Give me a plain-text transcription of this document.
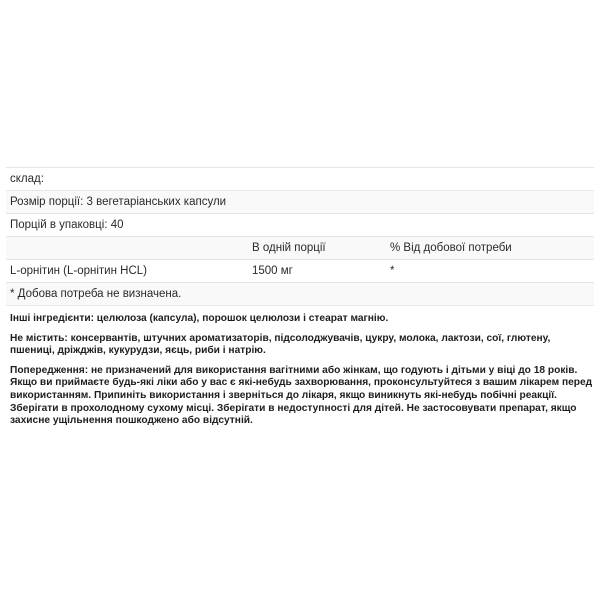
склад:		
Розмір порції: 3 вегетаріанських капсули		
Порцій в упаковці: 40		
	В одній порції	% Від добової потреби
L-орнітин (L-орнітин HCL)	1500 мг	*
* Добова потреба не визначена.		

Інші інгредієнти: целюлоза (капсула), порошок целюлози і стеарат магнію.

Не містить: консервантів, штучних ароматизаторів, підсолоджувачів, цукру, молока, лактози, сої, глютену, пшениці, дріжджів, кукурудзи, яєць, риби і натрію.

Попередження: не призначений для використання вагітними або жінкам, що годують і дітьми у віці до 18 років. Якщо ви приймаєте будь-які ліки або у вас є які-небудь захворювання, проконсультуйтеся з вашим лікарем перед використанням. Припиніть використання і зверніться до лікаря, якщо виникнуть які-небудь побічні реакції. Зберігати в прохолодному сухому місці. Зберігати в недоступності для дітей. Не застосовувати препарат, якщо захисне ущільнення пошкоджено або відсутній.
